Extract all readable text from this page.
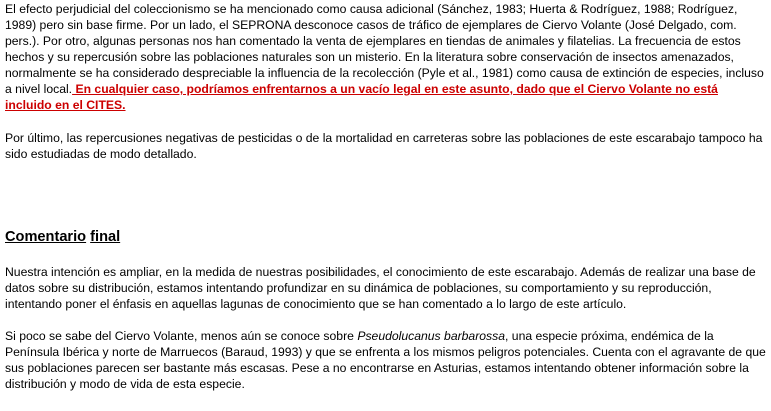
El efecto perjudicial del coleccionismo se ha mencionado como causa adicional (Sánchez, 1983; Huerta & Rodríguez, 1988; Rodríguez, 1989) pero sin base firme. Por un lado, el SEPRONA desconoce casos de tráfico de ejemplares de Ciervo Volante (José Delgado, com. pers.). Por otro, algunas personas nos han comentado la venta de ejemplares en tiendas de animales y filatelias. La frecuencia de estos hechos y su repercusión sobre las poblaciones naturales son un misterio. En la literatura sobre conservación de insectos amenazados, normalmente se ha considerado despreciable la influencia de la recolección (Pyle et al., 1981) como causa de extinción de especies, incluso a nivel local. En cualquier caso, podríamos enfrentarnos a un vacío legal en este asunto, dado que el Ciervo Volante no está incluido en el CITES.

Por último, las repercusiones negativas de pesticidas o de la mortalidad en carreteras sobre las poblaciones de este escarabajo tampoco ha sido estudiadas de modo detallado.

Comentario final

Nuestra intención es ampliar, en la medida de nuestras posibilidades, el conocimiento de este escarabajo. Además de realizar una base de datos sobre su distribución, estamos intentando profundizar en su dinámica de poblaciones, su comportamiento y su reproducción, intentando poner el énfasis en aquellas lagunas de conocimiento que se han comentado a lo largo de este artículo.

Si poco se sabe del Ciervo Volante, menos aún se conoce sobre Pseudolucanus barbarossa, una especie próxima, endémica de la Península Ibérica y norte de Marruecos (Baraud, 1993) y que se enfrenta a los mismos peligros potenciales. Cuenta con el agravante de que sus poblaciones parecen ser bastante más escasas. Pese a no encontrarse en Asturias, estamos intentando obtener información sobre la distribución y modo de vida de esta especie.
